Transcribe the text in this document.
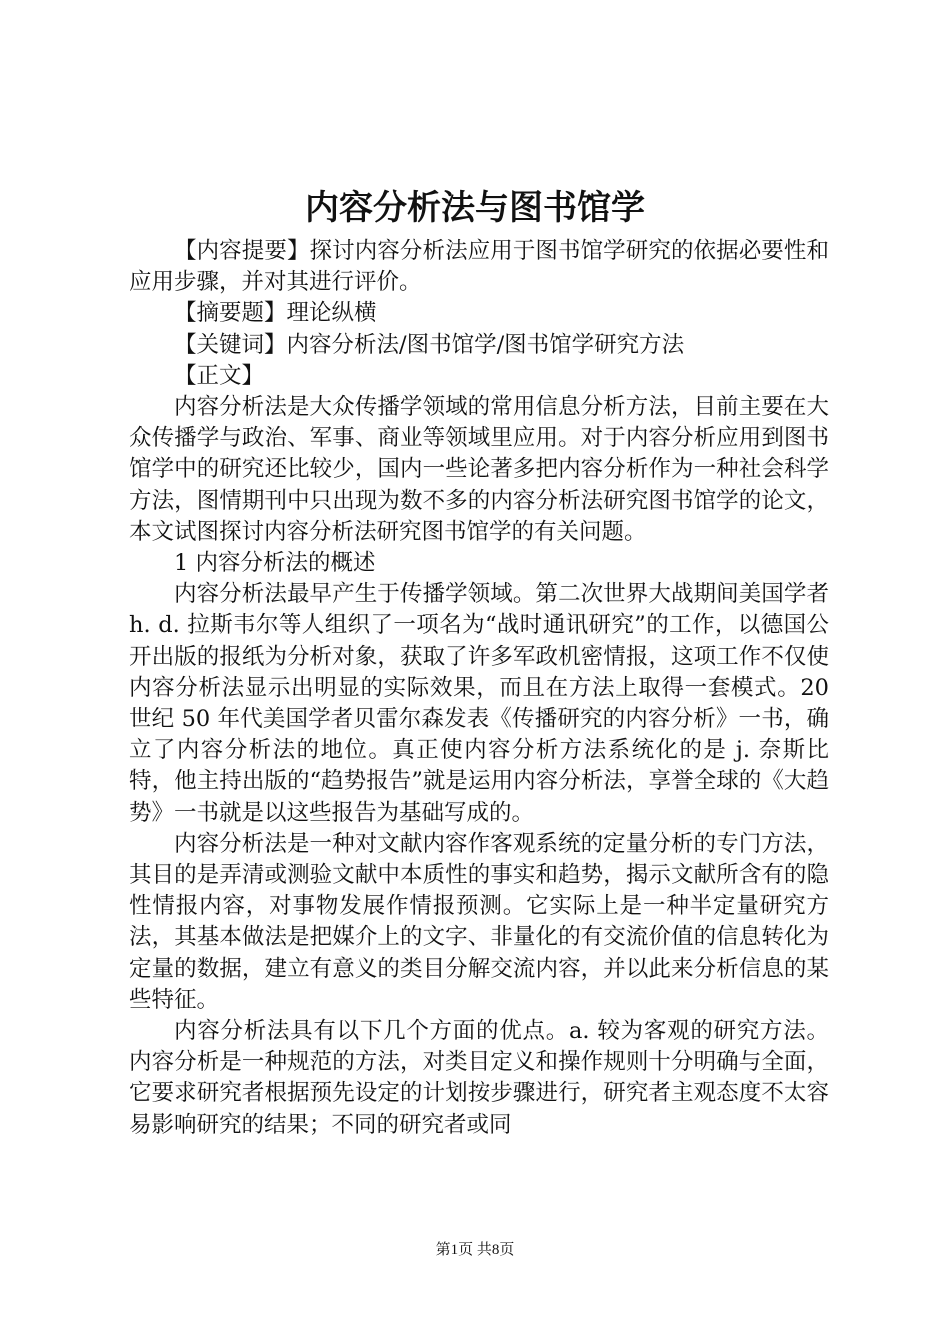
内容分析法与图书馆学

【内容提要】探讨内容分析法应用于图书馆学研究的依据必要性和应用步骤，并对其进行评价。

【摘要题】理论纵横

【关键词】内容分析法/图书馆学/图书馆学研究方法

【正文】

内容分析法是大众传播学领域的常用信息分析方法，目前主要在大众传播学与政治、军事、商业等领域里应用。对于内容分析应用到图书馆学中的研究还比较少，国内一些论著多把内容分析作为一种社会科学方法，图情期刊中只出现为数不多的内容分析法研究图书馆学的论文，本文试图探讨内容分析法研究图书馆学的有关问题。

1 内容分析法的概述

内容分析法最早产生于传播学领域。第二次世界大战期间美国学者 h. d. 拉斯韦尔等人组织了一项名为“战时通讯研究”的工作，以德国公开出版的报纸为分析对象，获取了许多军政机密情报，这项工作不仅使内容分析法显示出明显的实际效果，而且在方法上取得一套模式。20 世纪 50 年代美国学者贝雷尔森发表《传播研究的内容分析》一书，确立了内容分析法的地位。真正使内容分析方法系统化的是 j. 奈斯比特，他主持出版的“趋势报告”就是运用内容分析法，享誉全球的《大趋势》一书就是以这些报告为基础写成的。

内容分析法是一种对文献内容作客观系统的定量分析的专门方法，其目的是弄清或测验文献中本质性的事实和趋势，揭示文献所含有的隐性情报内容，对事物发展作情报预测。它实际上是一种半定量研究方法，其基本做法是把媒介上的文字、非量化的有交流价值的信息转化为定量的数据，建立有意义的类目分解交流内容，并以此来分析信息的某些特征。

内容分析法具有以下几个方面的优点。a. 较为客观的研究方法。内容分析是一种规范的方法，对类目定义和操作规则十分明确与全面，它要求研究者根据预先设定的计划按步骤进行，研究者主观态度不太容易影响研究的结果；不同的研究者或同

第1页 共8页
